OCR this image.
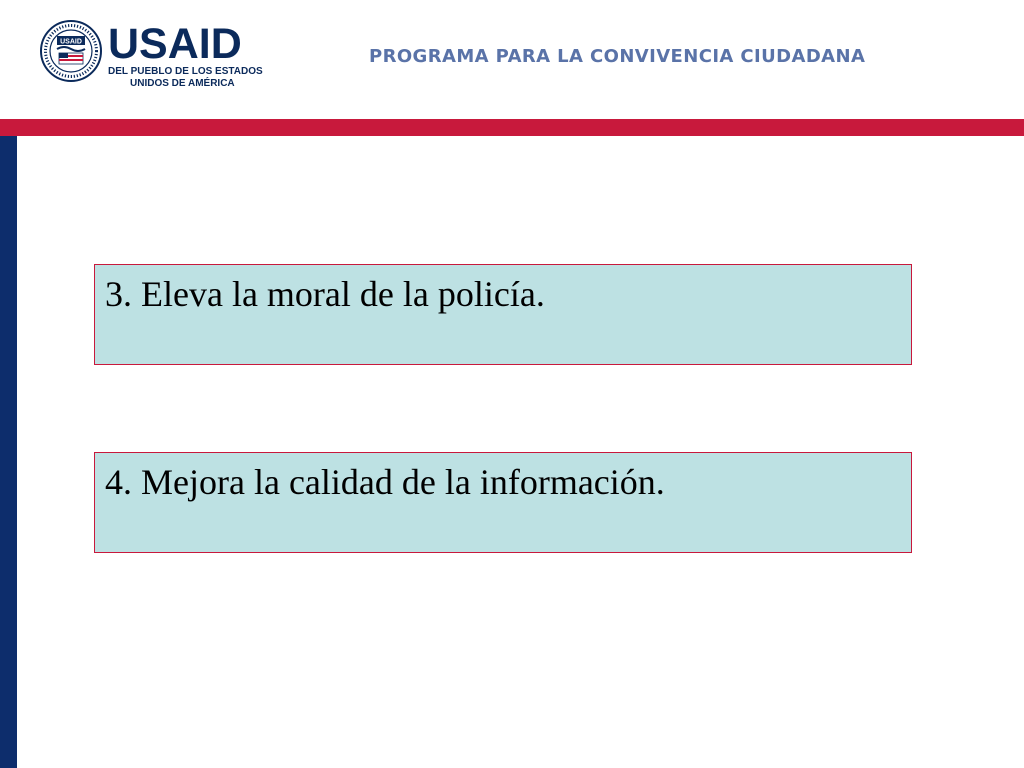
USAID USAID

DEL PUEBLO DE LOS ESTADOS

UNIDOS DE AMÉRICA

PROGRAMA PARA LA CONVIVENCIA CIUDADANA
3. Eleva la moral de la policía.
4. Mejora la calidad de la información.
